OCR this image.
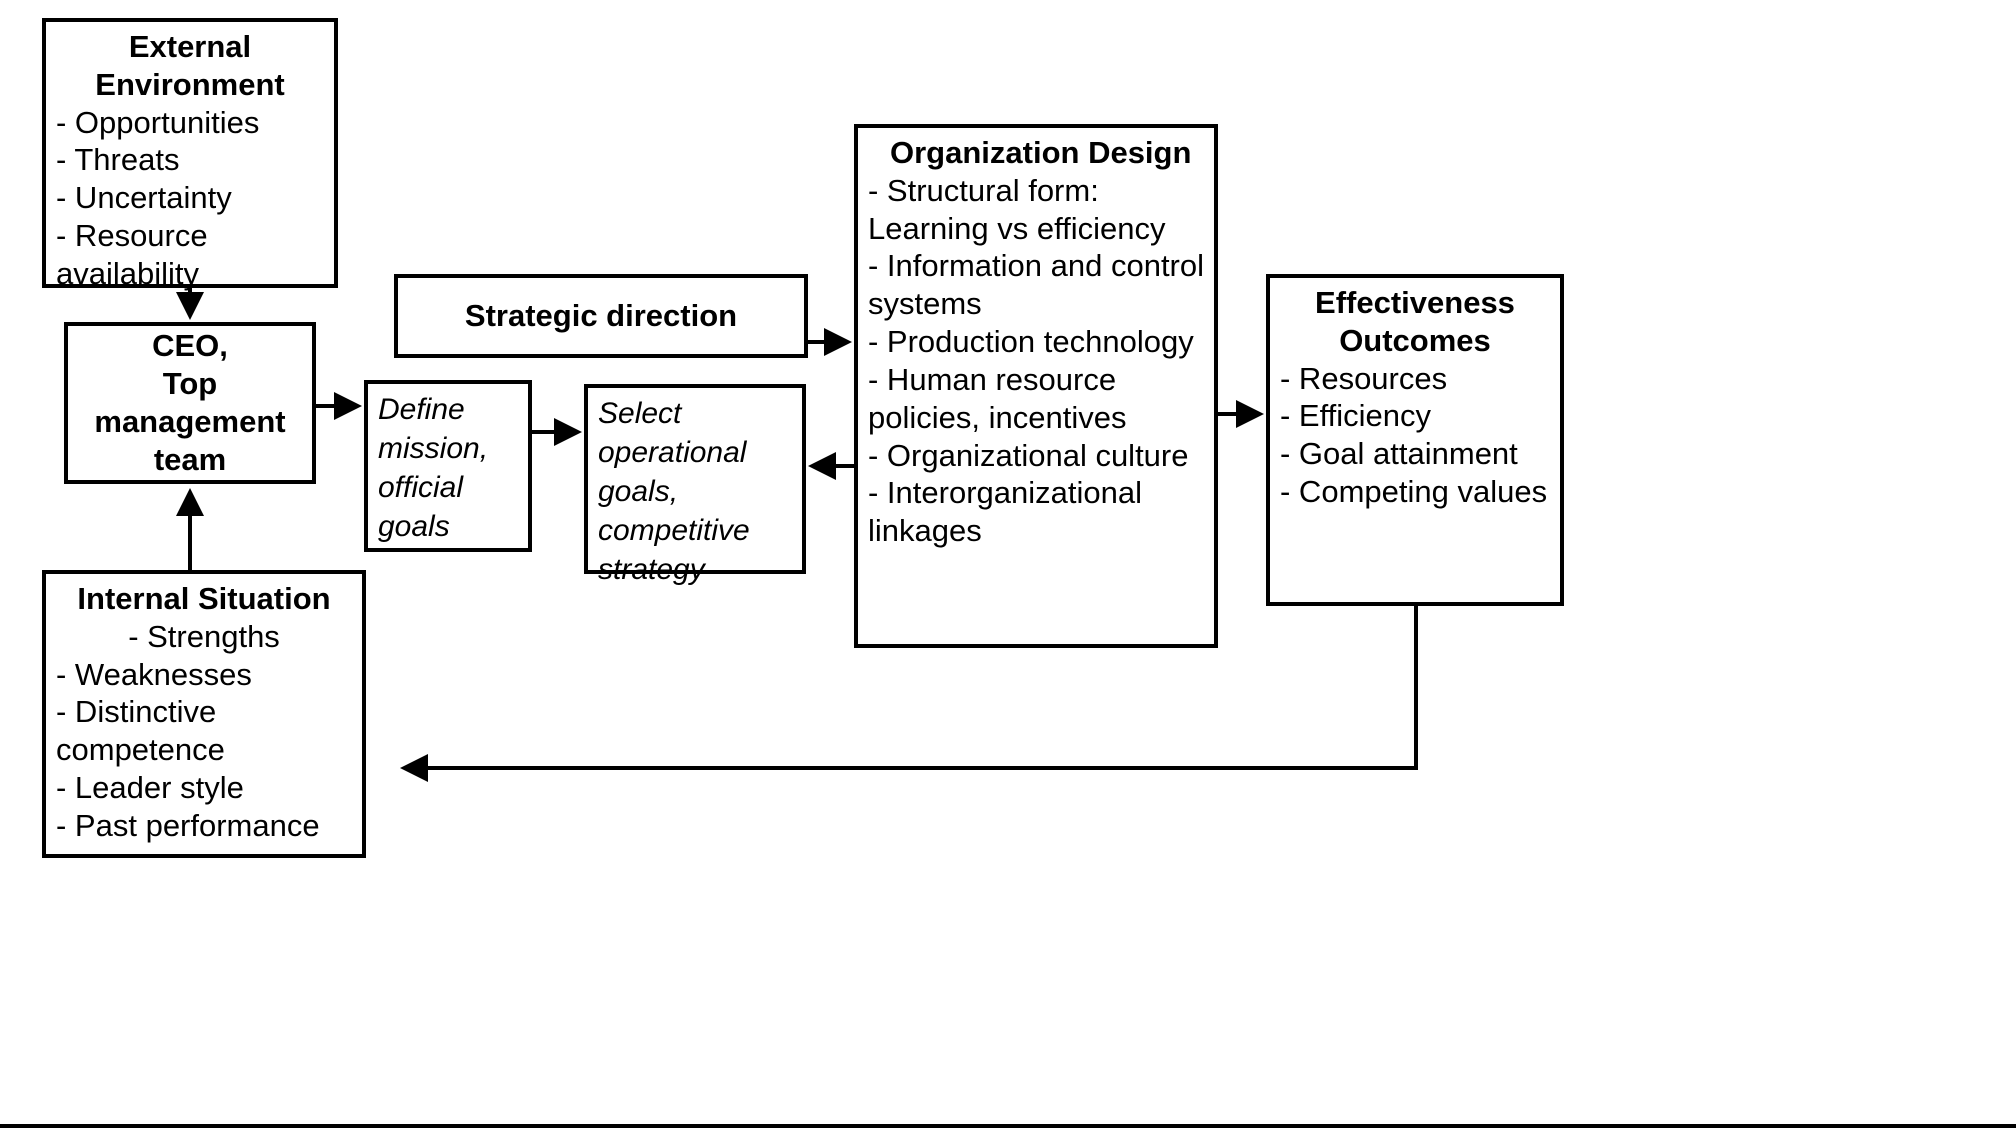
External Environment
- Opportunities
- Threats
- Uncertainty
- Resource availability
CEO,
Top
management
team
Internal Situation
- Strengths
- Weaknesses
- Distinctive competence
- Leader style
- Past performance
Strategic direction
Define mission, official goals
Select operational goals, competitive strategy
Organization Design
- Structural form: Learning vs efficiency
- Information and control systems
- Production technology
- Human resource policies, incentives
- Organizational culture
- Interorganizational linkages
Effectiveness Outcomes
- Resources
- Efficiency
- Goal attainment
- Competing values
